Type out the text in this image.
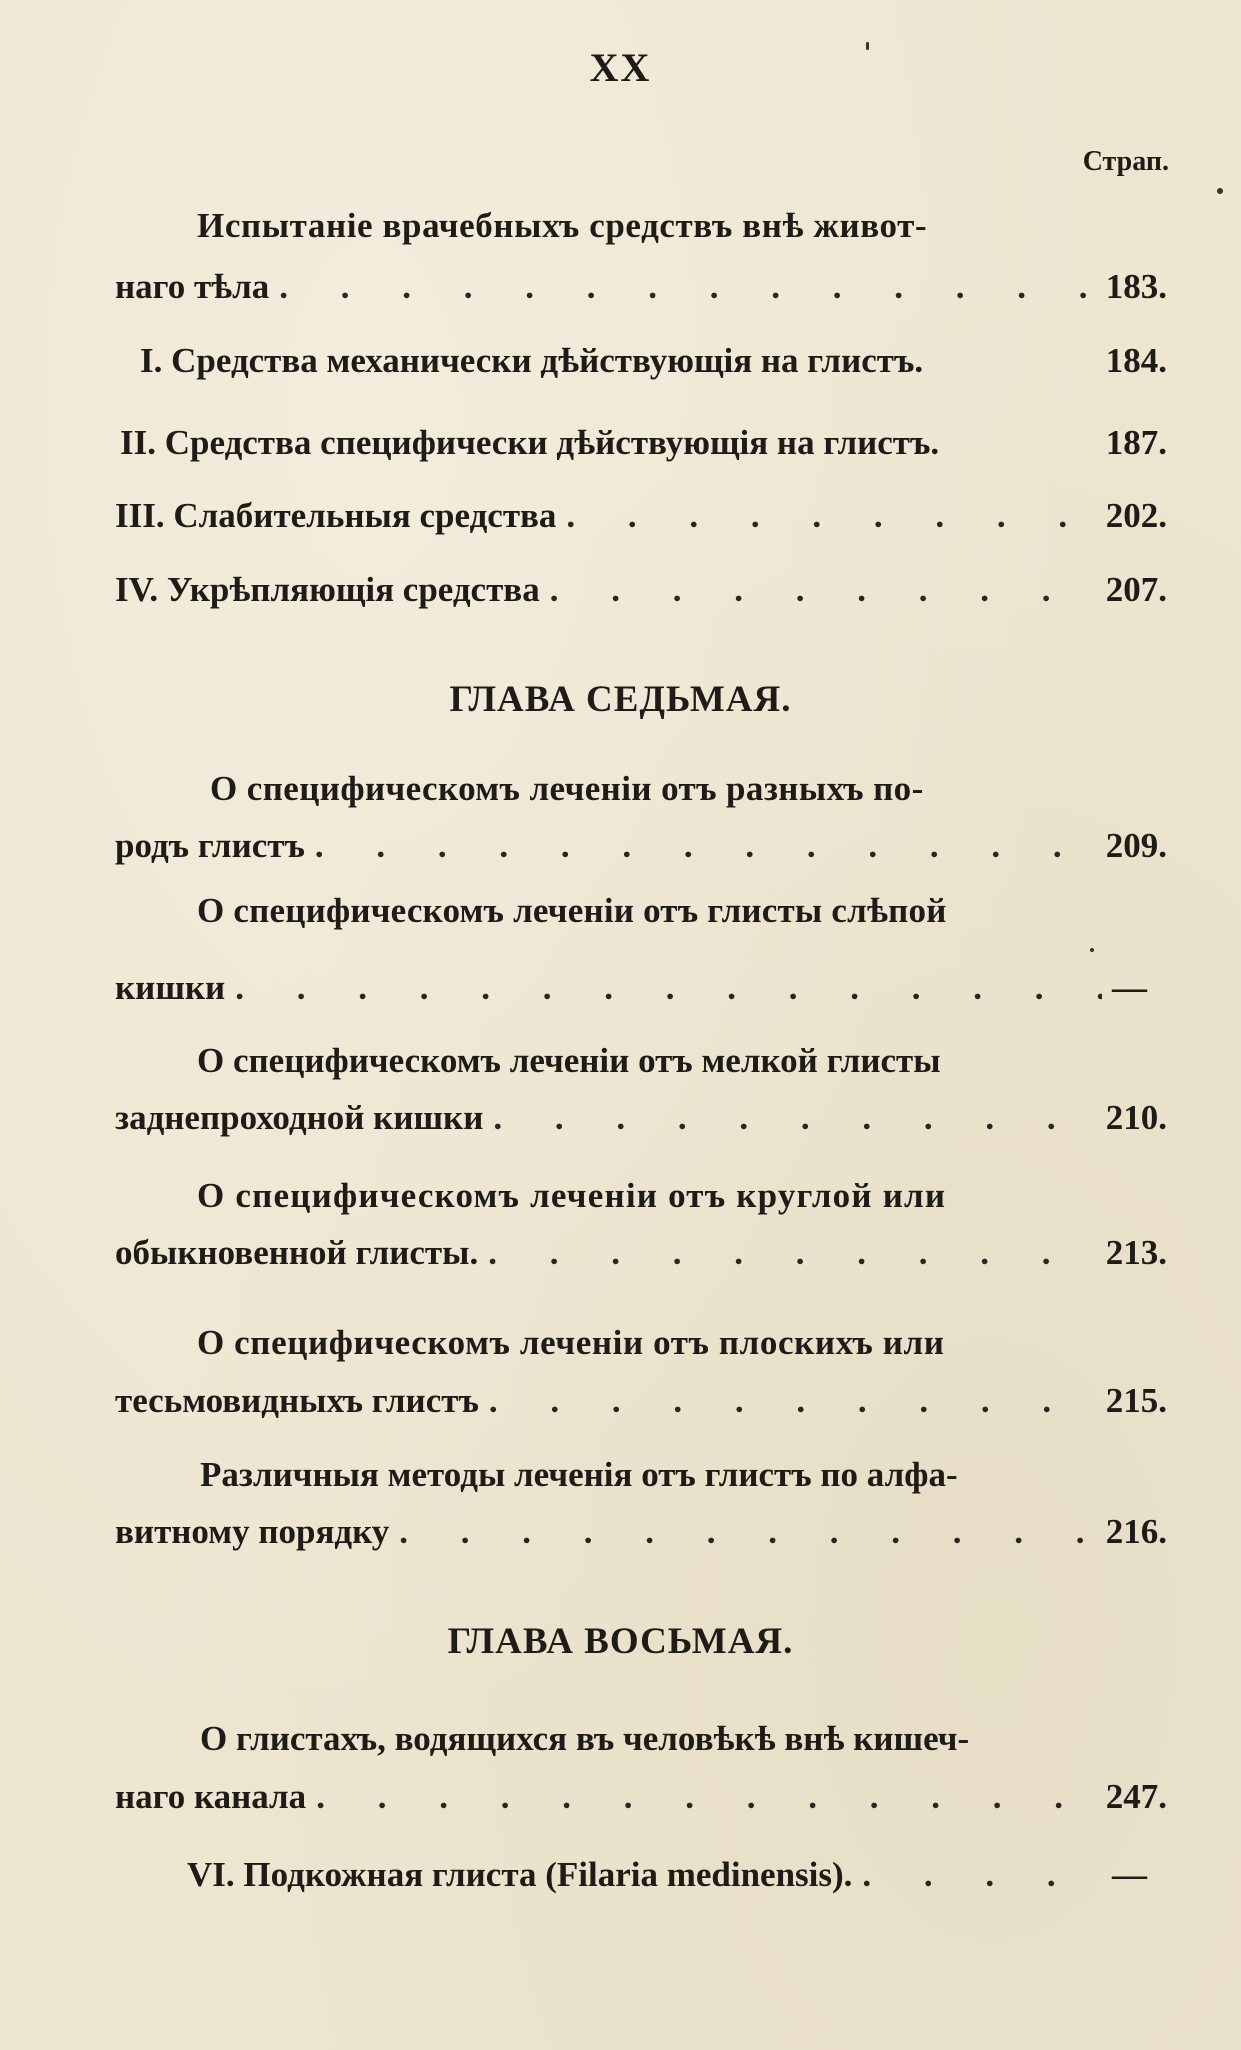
XX
Страп.
Испытаніе врачебныхъ средствъ внѣ живот-
наго тѣла . . .	183.
I. Средства механически дѣйствующія на глистъ.	184.
II. Средства специфически дѣйствующія на глистъ.	187.
III. Слабительныя средства . . .	202.
IV. Укрѣпляющія средства . . .	207.
ГЛАВА СЕДЬМАЯ.
О специфическомъ леченіи отъ разныхъ по-
родъ глистъ . . .	209.
О специфическомъ леченіи отъ глисты слѣпой
кишки . . .	—
О специфическомъ леченіи отъ мелкой глисты
заднепроходной кишки . . .	210.
О специфическомъ леченіи отъ круглой или
обыкновенной глисты. . . .	213.
О специфическомъ леченіи отъ плоскихъ или
тесьмовидныхъ глистъ . . .	215.
Различныя методы леченія отъ глистъ по алфа-
витному порядку . . .	216.
ГЛАВА ВОСЬМАЯ.
О глистахъ, водящихся въ человѣкѣ внѣ кишеч-
наго канала . . .	247.
VI. Подкожная глиста (Filaria medinensis). . . .	—
